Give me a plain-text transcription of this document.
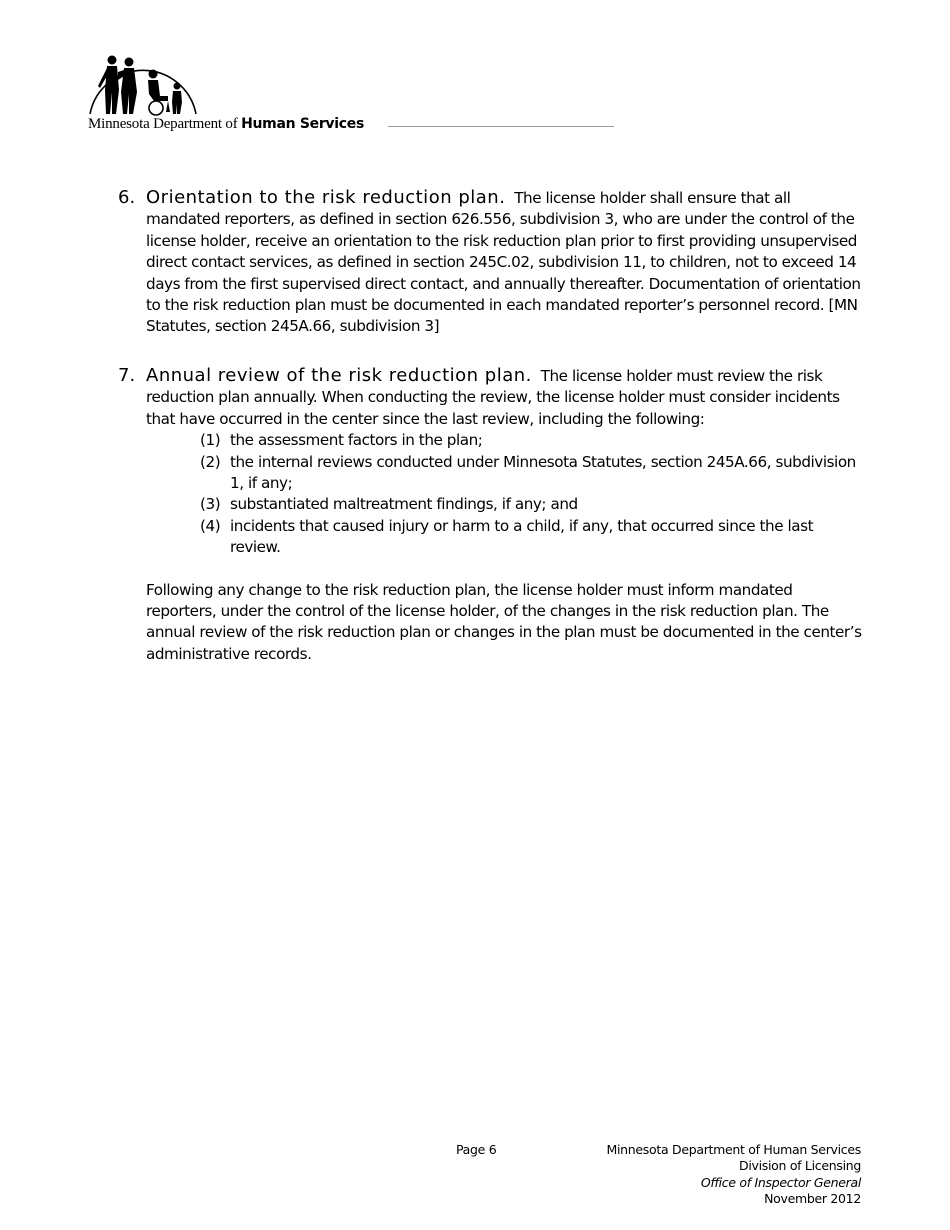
Minnesota Department of Human Services
6. Orientation to the risk reduction plan. The license holder shall ensure that all mandated reporters, as defined in section 626.556, subdivision 3, who are under the control of the license holder, receive an orientation to the risk reduction plan prior to first providing unsupervised direct contact services, as defined in section 245C.02, subdivision 11, to children, not to exceed 14 days from the first supervised direct contact, and annually thereafter. Documentation of orientation to the risk reduction plan must be documented in each mandated reporter’s personnel record. [MN Statutes, section 245A.66, subdivision 3]
7. Annual review of the risk reduction plan. The license holder must review the risk reduction plan annually. When conducting the review, the license holder must consider incidents that have occurred in the center since the last review, including the following:
(1) the assessment factors in the plan;
(2) the internal reviews conducted under Minnesota Statutes, section 245A.66, subdivision 1, if any;
(3) substantiated maltreatment findings, if any; and
(4) incidents that caused injury or harm to a child, if any, that occurred since the last review.
Following any change to the risk reduction plan, the license holder must inform mandated reporters, under the control of the license holder, of the changes in the risk reduction plan. The annual review of the risk reduction plan or changes in the plan must be documented in the center’s administrative records.
Page 6	Minnesota Department of Human Services
Division of Licensing
Office of Inspector General
November 2012
